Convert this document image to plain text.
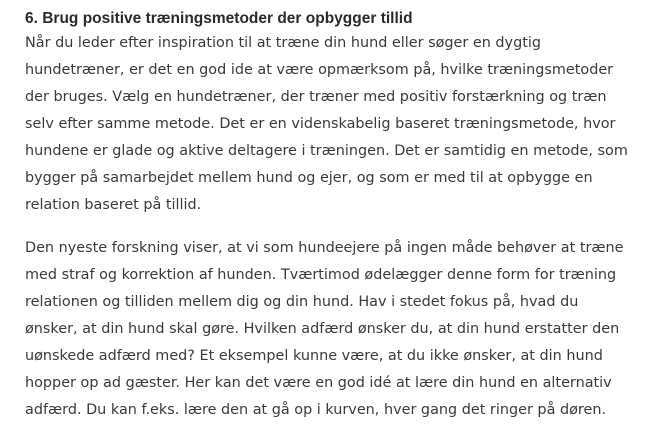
6. Brug positive træningsmetoder der opbygger tillid

Når du leder efter inspiration til at træne din hund eller søger en dygtig
hundetræner, er det en god ide at være opmærksom på, hvilke træningsmetoder
der bruges. Vælg en hundetræner, der træner med positiv forstærkning og træn
selv efter samme metode. Det er en videnskabelig baseret træningsmetode, hvor
hundene er glade og aktive deltagere i træningen. Det er samtidig en metode, som
bygger på samarbejdet mellem hund og ejer, og som er med til at opbygge en
relation baseret på tillid.

Den nyeste forskning viser, at vi som hundeejere på ingen måde behøver at træne
med straf og korrektion af hunden. Tværtimod ødelægger denne form for træning
relationen og tilliden mellem dig og din hund. Hav i stedet fokus på, hvad du
ønsker, at din hund skal gøre. Hvilken adfærd ønsker du, at din hund erstatter den
uønskede adfærd med? Et eksempel kunne være, at du ikke ønsker, at din hund
hopper op ad gæster. Her kan det være en god idé at lære din hund en alternativ
adfærd. Du kan f.eks. lære den at gå op i kurven, hver gang det ringer på døren.
